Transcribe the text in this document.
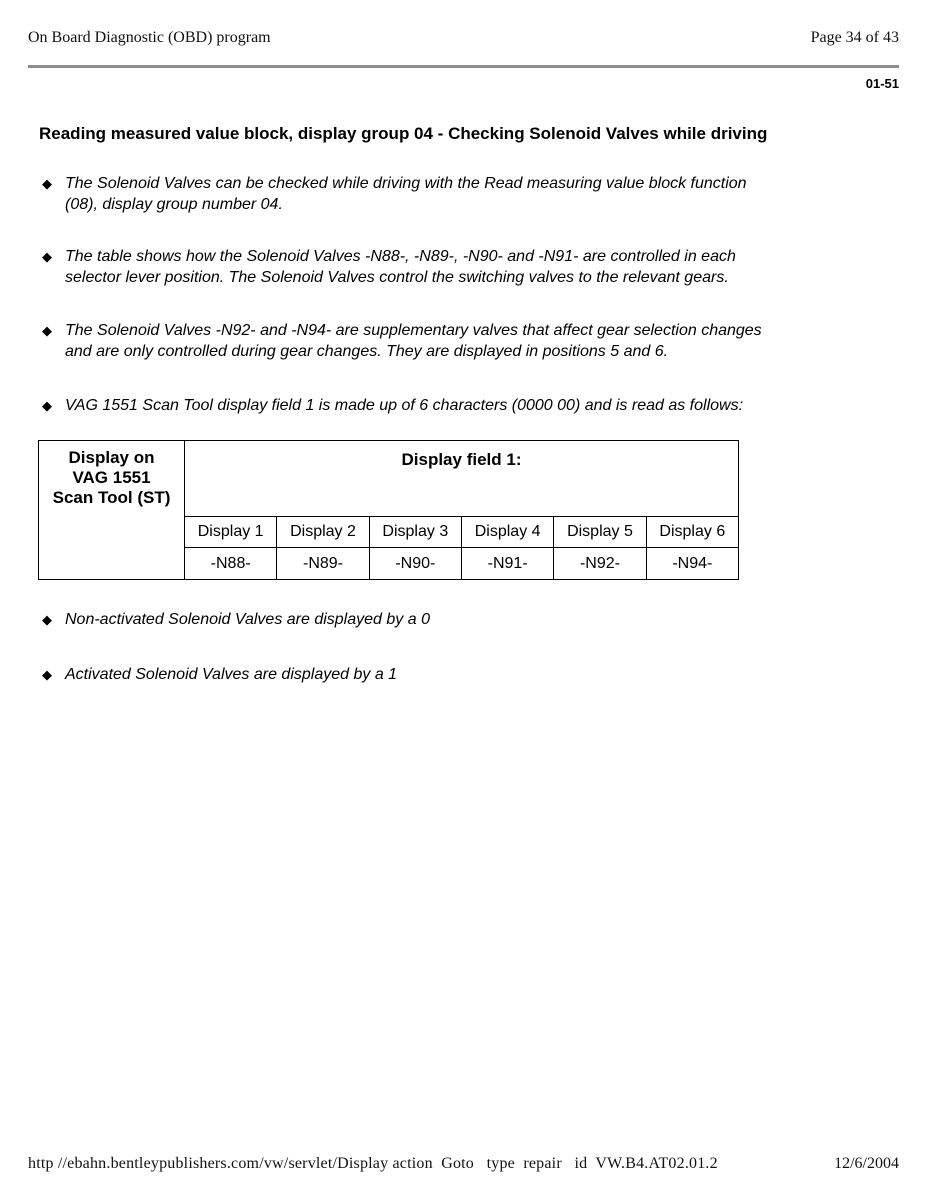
On Board Diagnostic (OBD) program	Page 34 of 43
01-51
Reading measured value block, display group 04 - Checking Solenoid Valves while driving
◆ The Solenoid Valves can be checked while driving with the Read measuring value block function
(08), display group number 04.
◆ The table shows how the Solenoid Valves -N88-, -N89-, -N90- and -N91- are controlled in each
selector lever position. The Solenoid Valves control the switching valves to the relevant gears.
◆ The Solenoid Valves -N92- and -N94- are supplementary valves that affect gear selection changes
and are only controlled during gear changes. They are displayed in positions 5 and 6.
◆ VAG 1551 Scan Tool display field 1 is made up of 6 characters (0000 00) and is read as follows:
Display on
VAG 1551
Scan Tool (ST)	Display field 1:					
	Display 1	Display 2	Display 3	Display 4	Display 5	Display 6
	-N88-	-N89-	-N90-	-N91-	-N92-	-N94-
◆ Non-activated Solenoid Valves are displayed by a 0
◆ Activated Solenoid Valves are displayed by a 1
http //ebahn.bentleypublishers.com/vw/servlet/Display action  Goto   type  repair   id  VW.B4.AT02.01.2	12/6/2004
